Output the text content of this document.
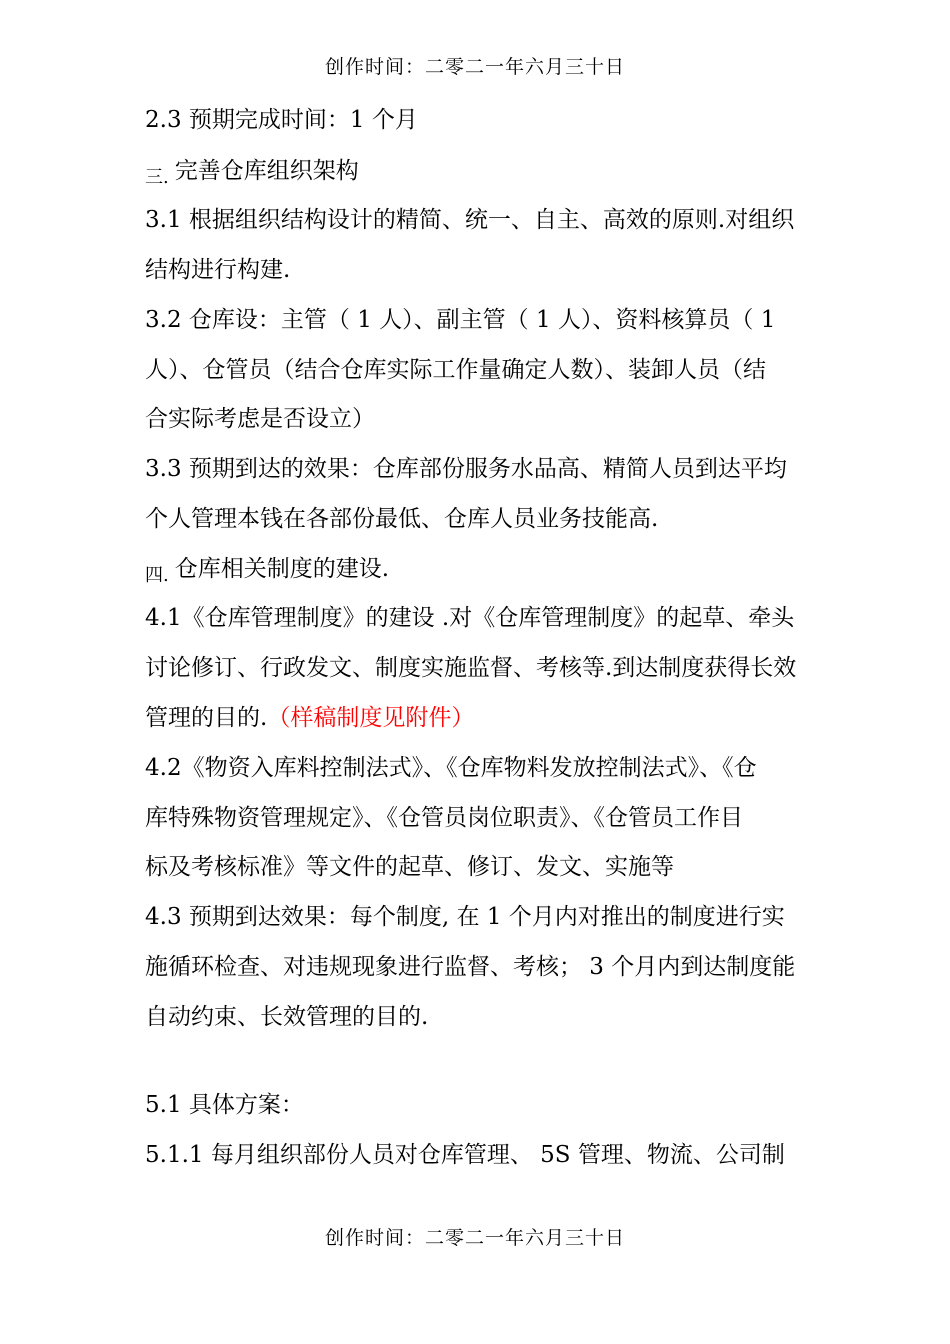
创作时间：二零二一年六月三十日
2.3 预期完成时间：1 个月
$_{三.}$ 完善仓库组织架构
3.1 根据组织结构设计的精简、统一、自主、高效的原则.对组织
结构进行构建.
3.2 仓库设：主管（ 1 人）、副主管（ 1 人）、资料核算员（ 1
人）、仓管员（结合仓库实际工作量确定人数）、装卸人员（结
合实际考虑是否设立）
3.3 预期到达的效果：仓库部份服务水品高、精简人员到达平均
个人管理本钱在各部份最低、仓库人员业务技能高.
$_{四.}$ 仓库相关制度的建设.
4.1《仓库管理制度》的建设 .对《仓库管理制度》的起草、牵头
讨论修订、行政发文、制度实施监督、考核等.到达制度获得长效
管理的目的.（样稿制度见附件）
4.2《物资入库料控制法式》、《仓库物料发放控制法式》、《仓
库特殊物资管理规定》、《仓管员岗位职责》、《仓管员工作目
标及考核标准》等文件的起草、修订、发文、实施等
4.3 预期到达效果：每个制度, 在 1 个月内对推出的制度进行实
施循环检查、对违规现象进行监督、考核； 3 个月内到达制度能
自动约束、长效管理的目的.
5.1 具体方案：
5.1.1 每月组织部份人员对仓库管理、 5S 管理、物流、公司制
创作时间：二零二一年六月三十日
